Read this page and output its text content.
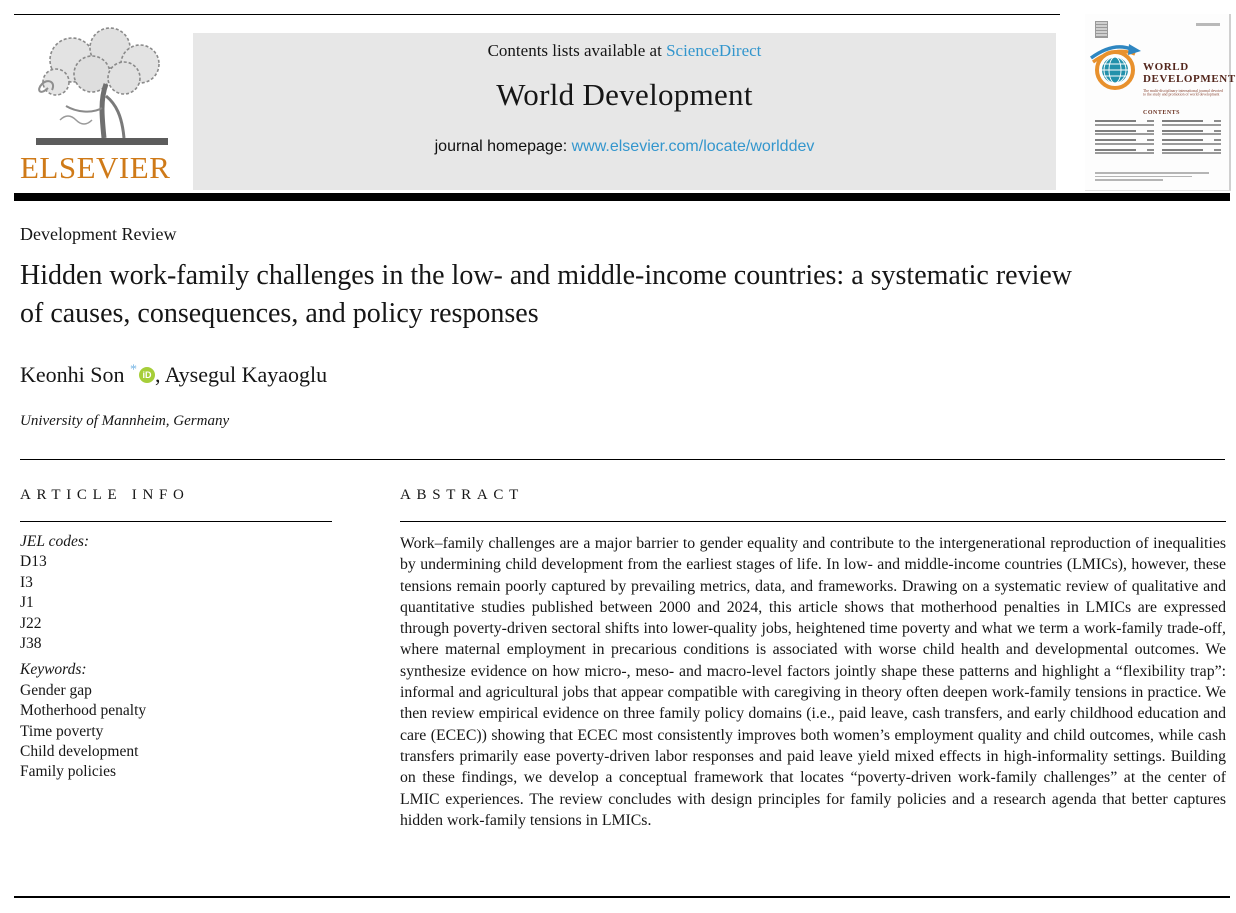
ELSEVIER
Contents lists available at ScienceDirect
World Development
journal homepage: www.elsevier.com/locate/worlddev
WORLD
DEVELOPMENT
The multi-disciplinary international journal devoted to the study and promotion of world development
CONTENTS
Development Review
Hidden work-family challenges in the low- and middle-income countries: a systematic review of causes, consequences, and policy responses
Keonhi Son * iD , Aysegul Kayaoglu
University of Mannheim, Germany
ARTICLE INFO
JEL codes:
D13
I3
J1
J22
J38
Keywords:
Gender gap
Motherhood penalty
Time poverty
Child development
Family policies
ABSTRACT
Work–family challenges are a major barrier to gender equality and contribute to the intergenerational reproduction of inequalities by undermining child development from the earliest stages of life. In low- and middle-income countries (LMICs), however, these tensions remain poorly captured by prevailing metrics, data, and frameworks. Drawing on a systematic review of qualitative and quantitative studies published between 2000 and 2024, this article shows that motherhood penalties in LMICs are expressed through poverty-driven sectoral shifts into lower-quality jobs, heightened time poverty and what we term a work-family trade-off, where maternal employment in precarious conditions is associated with worse child health and developmental outcomes. We synthesize evidence on how micro-, meso- and macro-level factors jointly shape these patterns and highlight a “flexibility trap”: informal and agricultural jobs that appear compatible with caregiving in theory often deepen work-family tensions in practice. We then review empirical evidence on three family policy domains (i.e., paid leave, cash transfers, and early childhood education and care (ECEC)) showing that ECEC most consistently improves both women’s employment quality and child outcomes, while cash transfers primarily ease poverty-driven labor responses and paid leave yield mixed effects in high-informality settings. Building on these findings, we develop a conceptual framework that locates “poverty-driven work-family challenges” at the center of LMIC experiences. The review concludes with design principles for family policies and a research agenda that better captures hidden work-family tensions in LMICs.
